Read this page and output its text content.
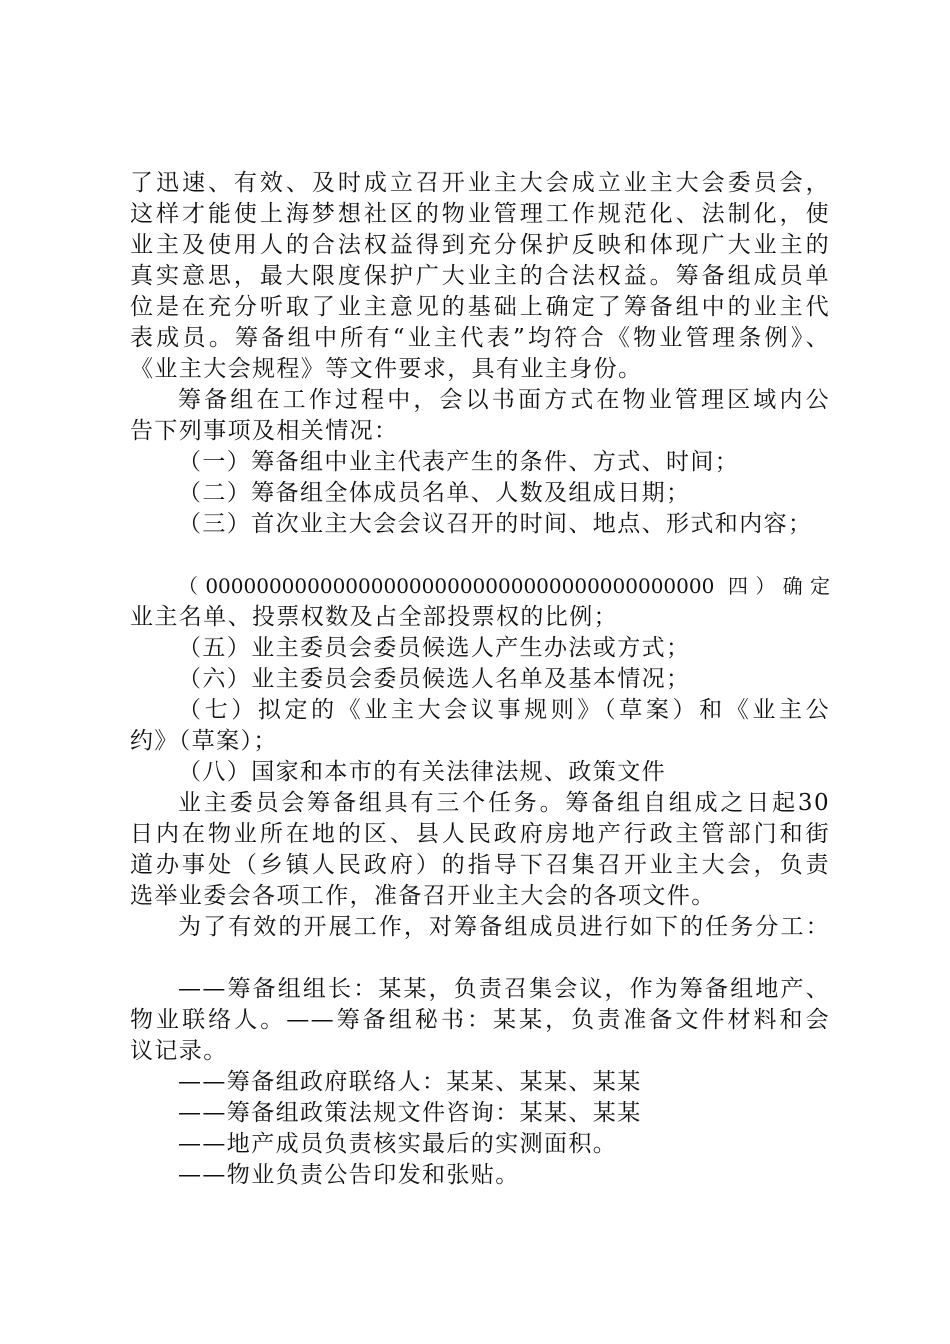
了迅速、有效、及时成立召开业主大会成立业主大会委员会，
这样才能使上海梦想社区的物业管理工作规范化、法制化，使
业主及使用人的合法权益得到充分保护反映和体现广大业主的
真实意思，最大限度保护广大业主的合法权益。筹备组成员单
位是在充分听取了业主意见的基础上确定了筹备组中的业主代
表成员。筹备组中所有“业主代表”均符合《物业管理条例》、
《业主大会规程》等文件要求，具有业主身份。
筹备组在工作过程中，会以书面方式在物业管理区域内公
告下列事项及相关情况：
（一）筹备组中业主代表产生的条件、方式、时间；
（二）筹备组全体成员名单、人数及组成日期；
（三）首次业主大会会议召开的时间、地点、形式和内容；
（0000000000000000000000000000000000000000 四）确定
业主名单、投票权数及占全部投票权的比例；
（五）业主委员会委员候选人产生办法或方式；
（六）业主委员会委员候选人名单及基本情况；
（七）拟定的《业主大会议事规则》（草案）和《业主公
约》（草案）；
（八）国家和本市的有关法律法规、政策文件
业主委员会筹备组具有三个任务。筹备组自组成之日起30
日内在物业所在地的区、县人民政府房地产行政主管部门和街
道办事处（乡镇人民政府）的指导下召集召开业主大会，负责
选举业委会各项工作，准备召开业主大会的各项文件。
为了有效的开展工作，对筹备组成员进行如下的任务分工：
——筹备组组长：某某，负责召集会议，作为筹备组地产、
物业联络人。——筹备组秘书：某某，负责准备文件材料和会
议记录。
——筹备组政府联络人：某某、某某、某某
——筹备组政策法规文件咨询：某某、某某
——地产成员负责核实最后的实测面积。
——物业负责公告印发和张贴。
